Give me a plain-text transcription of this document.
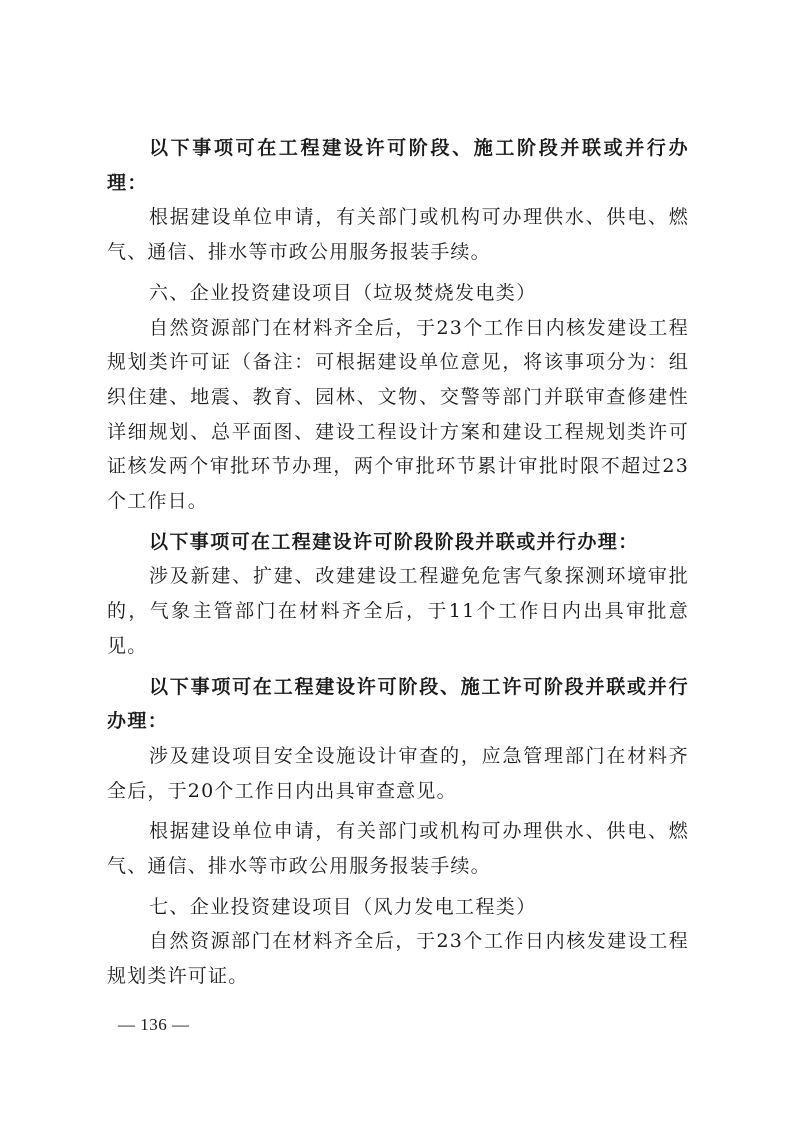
以下事项可在工程建设许可阶段、施工阶段并联或并行办理：

根据建设单位申请，有关部门或机构可办理供水、供电、燃气、通信、排水等市政公用服务报装手续。

六、企业投资建设项目（垃圾焚烧发电类）

自然资源部门在材料齐全后，于23个工作日内核发建设工程规划类许可证（备注：可根据建设单位意见，将该事项分为：组织住建、地震、教育、园林、文物、交警等部门并联审查修建性详细规划、总平面图、建设工程设计方案和建设工程规划类许可证核发两个审批环节办理，两个审批环节累计审批时限不超过23个工作日。

以下事项可在工程建设许可阶段阶段并联或并行办理：

涉及新建、扩建、改建建设工程避免危害气象探测环境审批的，气象主管部门在材料齐全后，于11个工作日内出具审批意见。

以下事项可在工程建设许可阶段、施工许可阶段并联或并行办理：

涉及建设项目安全设施设计审查的，应急管理部门在材料齐全后，于20个工作日内出具审查意见。

根据建设单位申请，有关部门或机构可办理供水、供电、燃气、通信、排水等市政公用服务报装手续。

七、企业投资建设项目（风力发电工程类）

自然资源部门在材料齐全后，于23个工作日内核发建设工程规划类许可证。

— 136 —
